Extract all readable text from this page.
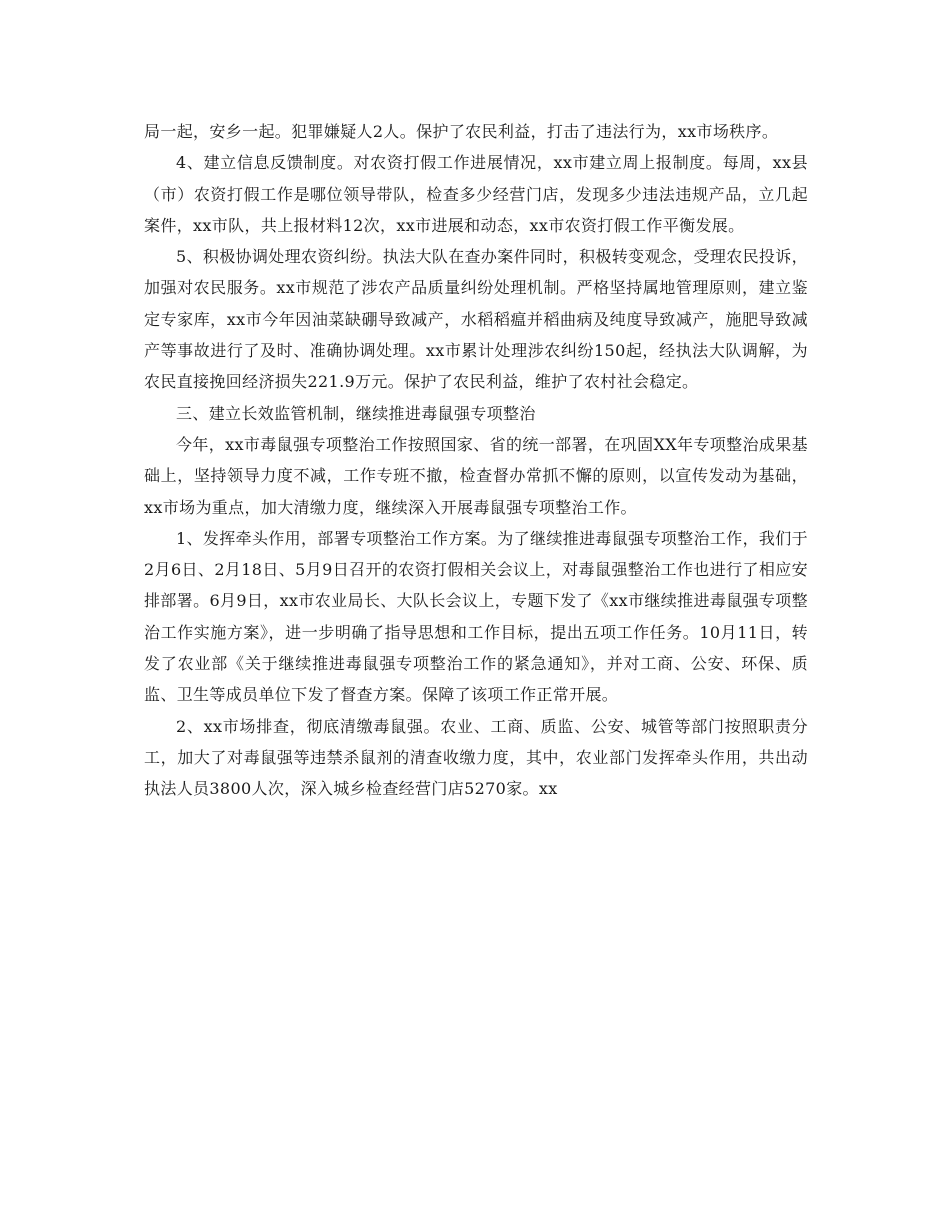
局一起，安乡一起。犯罪嫌疑人2人。保护了农民利益，打击了违法行为，xx市场秩序。

4、建立信息反馈制度。对农资打假工作进展情况，xx市建立周上报制度。每周，xx县（市）农资打假工作是哪位领导带队，检查多少经营门店，发现多少违法违规产品，立几起案件，xx市队，共上报材料12次，xx市进展和动态，xx市农资打假工作平衡发展。

5、积极协调处理农资纠纷。执法大队在查办案件同时，积极转变观念，受理农民投诉，加强对农民服务。xx市规范了涉农产品质量纠纷处理机制。严格坚持属地管理原则，建立鉴定专家库，xx市今年因油菜缺硼导致减产，水稻稻瘟并稻曲病及纯度导致减产，施肥导致减产等事故进行了及时、准确协调处理。xx市累计处理涉农纠纷150起，经执法大队调解，为农民直接挽回经济损失221.9万元。保护了农民利益，维护了农村社会稳定。

三、建立长效监管机制，继续推进毒鼠强专项整治

今年，xx市毒鼠强专项整治工作按照国家、省的统一部署，在巩固XX年专项整治成果基础上，坚持领导力度不减，工作专班不撤，检查督办常抓不懈的原则，以宣传发动为基础，xx市场为重点，加大清缴力度，继续深入开展毒鼠强专项整治工作。

1、发挥牵头作用，部署专项整治工作方案。为了继续推进毒鼠强专项整治工作，我们于2月6日、2月18日、5月9日召开的农资打假相关会议上，对毒鼠强整治工作也进行了相应安排部署。6月9日，xx市农业局长、大队长会议上，专题下发了《xx市继续推进毒鼠强专项整治工作实施方案》，进一步明确了指导思想和工作目标，提出五项工作任务。10月11日，转发了农业部《关于继续推进毒鼠强专项整治工作的紧急通知》，并对工商、公安、环保、质监、卫生等成员单位下发了督查方案。保障了该项工作正常开展。

2、xx市场排查，彻底清缴毒鼠强。农业、工商、质监、公安、城管等部门按照职责分工，加大了对毒鼠强等违禁杀鼠剂的清查收缴力度，其中，农业部门发挥牵头作用，共出动执法人员3800人次，深入城乡检查经营门店5270家。xx
